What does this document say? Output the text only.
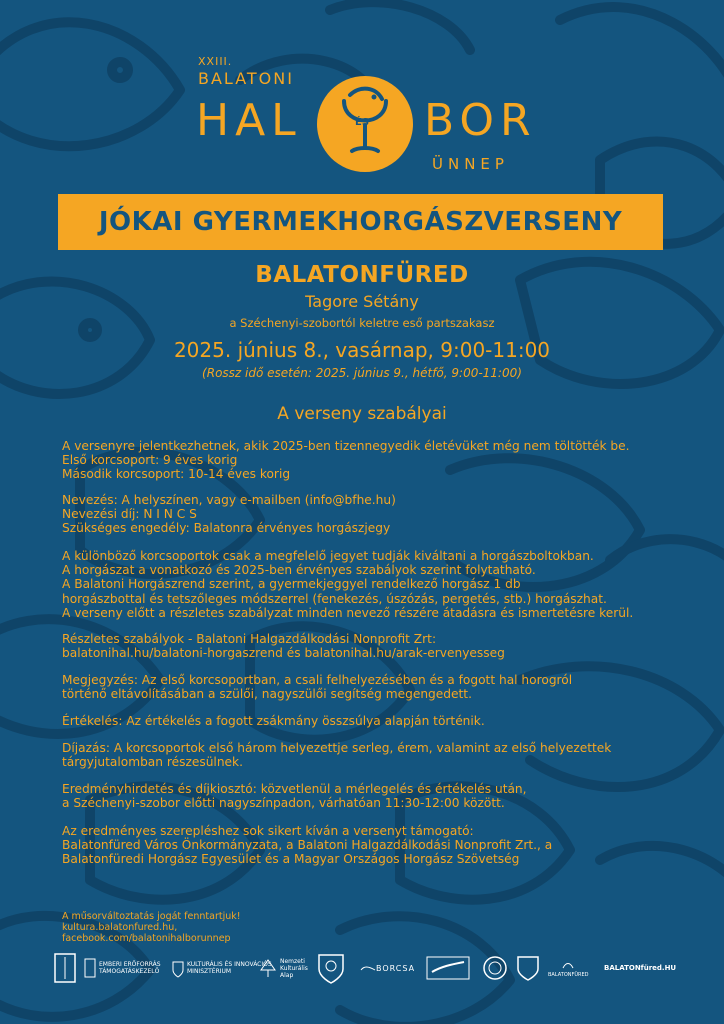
XXIII.
BALATONI
HAL	ÉS BOR
ÜNNEP
JÓKAI GYERMEKHORGÁSZVERSENY
BALATONFÜRED
Tagore Sétány
a Széchenyi-szobortól keletre eső partszakasz
2025. június 8., vasárnap, 9:00-11:00
(Rossz idő esetén: 2025. június 9., hétfő, 9:00-11:00)
A verseny szabályai
A versenyre jelentkezhetnek, akik 2025-ben tizennegyedik életévüket még nem töltötték be.
Első korcsoport: 9 éves korig
Második korcsoport: 10-14 éves korig
Nevezés: A helyszínen, vagy e-mailben (info@bfhe.hu)
Nevezési díj: N I N C S
Szükséges engedély: Balatonra érvényes horgászjegy
A különböző korcsoportok csak a megfelelő jegyet tudják kiváltani a horgászboltokban.
A horgászat a vonatkozó és 2025-ben érvényes szabályok szerint folytatható.
A Balatoni Horgászrend szerint, a gyermekjeggyel rendelkező horgász 1 db
horgászbottal és tetszőleges módszerrel (fenekezés, úszózás, pergetés, stb.) horgászhat.
A verseny előtt a részletes szabályzat minden nevező részére átadásra és ismertetésre kerül.
Részletes szabályok - Balatoni Halgazdálkodási Nonprofit Zrt:
balatonihal.hu/balatoni-horgaszrend és balatonihal.hu/arak-ervenyesseg
Megjegyzés: Az első korcsoportban, a csali felhelyezésében és a fogott hal horogról
történő eltávolításában a szülői, nagyszülői segítség megengedett.
Értékelés: Az értékelés a fogott zsákmány összsúlya alapján történik.
Díjazás: A korcsoportok első három helyezettje serleg, érem, valamint az első helyezettek
tárgyjutalomban részesülnek.
Eredményhirdetés és díjkiosztó: közvetlenül a mérlegelés és értékelés után,
a Széchenyi-szobor előtti nagyszínpadon, várhatóan 11:30-12:00 között.
Az eredményes szerepléshez sok sikert kíván a versenyt támogató:
Balatonfüred Város Önkormányzata, a Balatoni Halgazdálkodási Nonprofit Zrt., a
Balatonfüredi Horgász Egyesület és a Magyar Országos Horgász Szövetség
A műsorváltoztatás jogát fenntartjuk!
kultura.balatonfured.hu,
facebook.com/balatonihalborunnep
EMBERI ERŐFORRÁS
TÁMOGATÁSKEZELŐ
KULTURÁLIS ÉS INNOVÁCIÓS
MINISZTÉRIUM
Nemzeti
Kulturális
Alap
BORCSA
BALATONFÜRED
BALATONfüred.HU
